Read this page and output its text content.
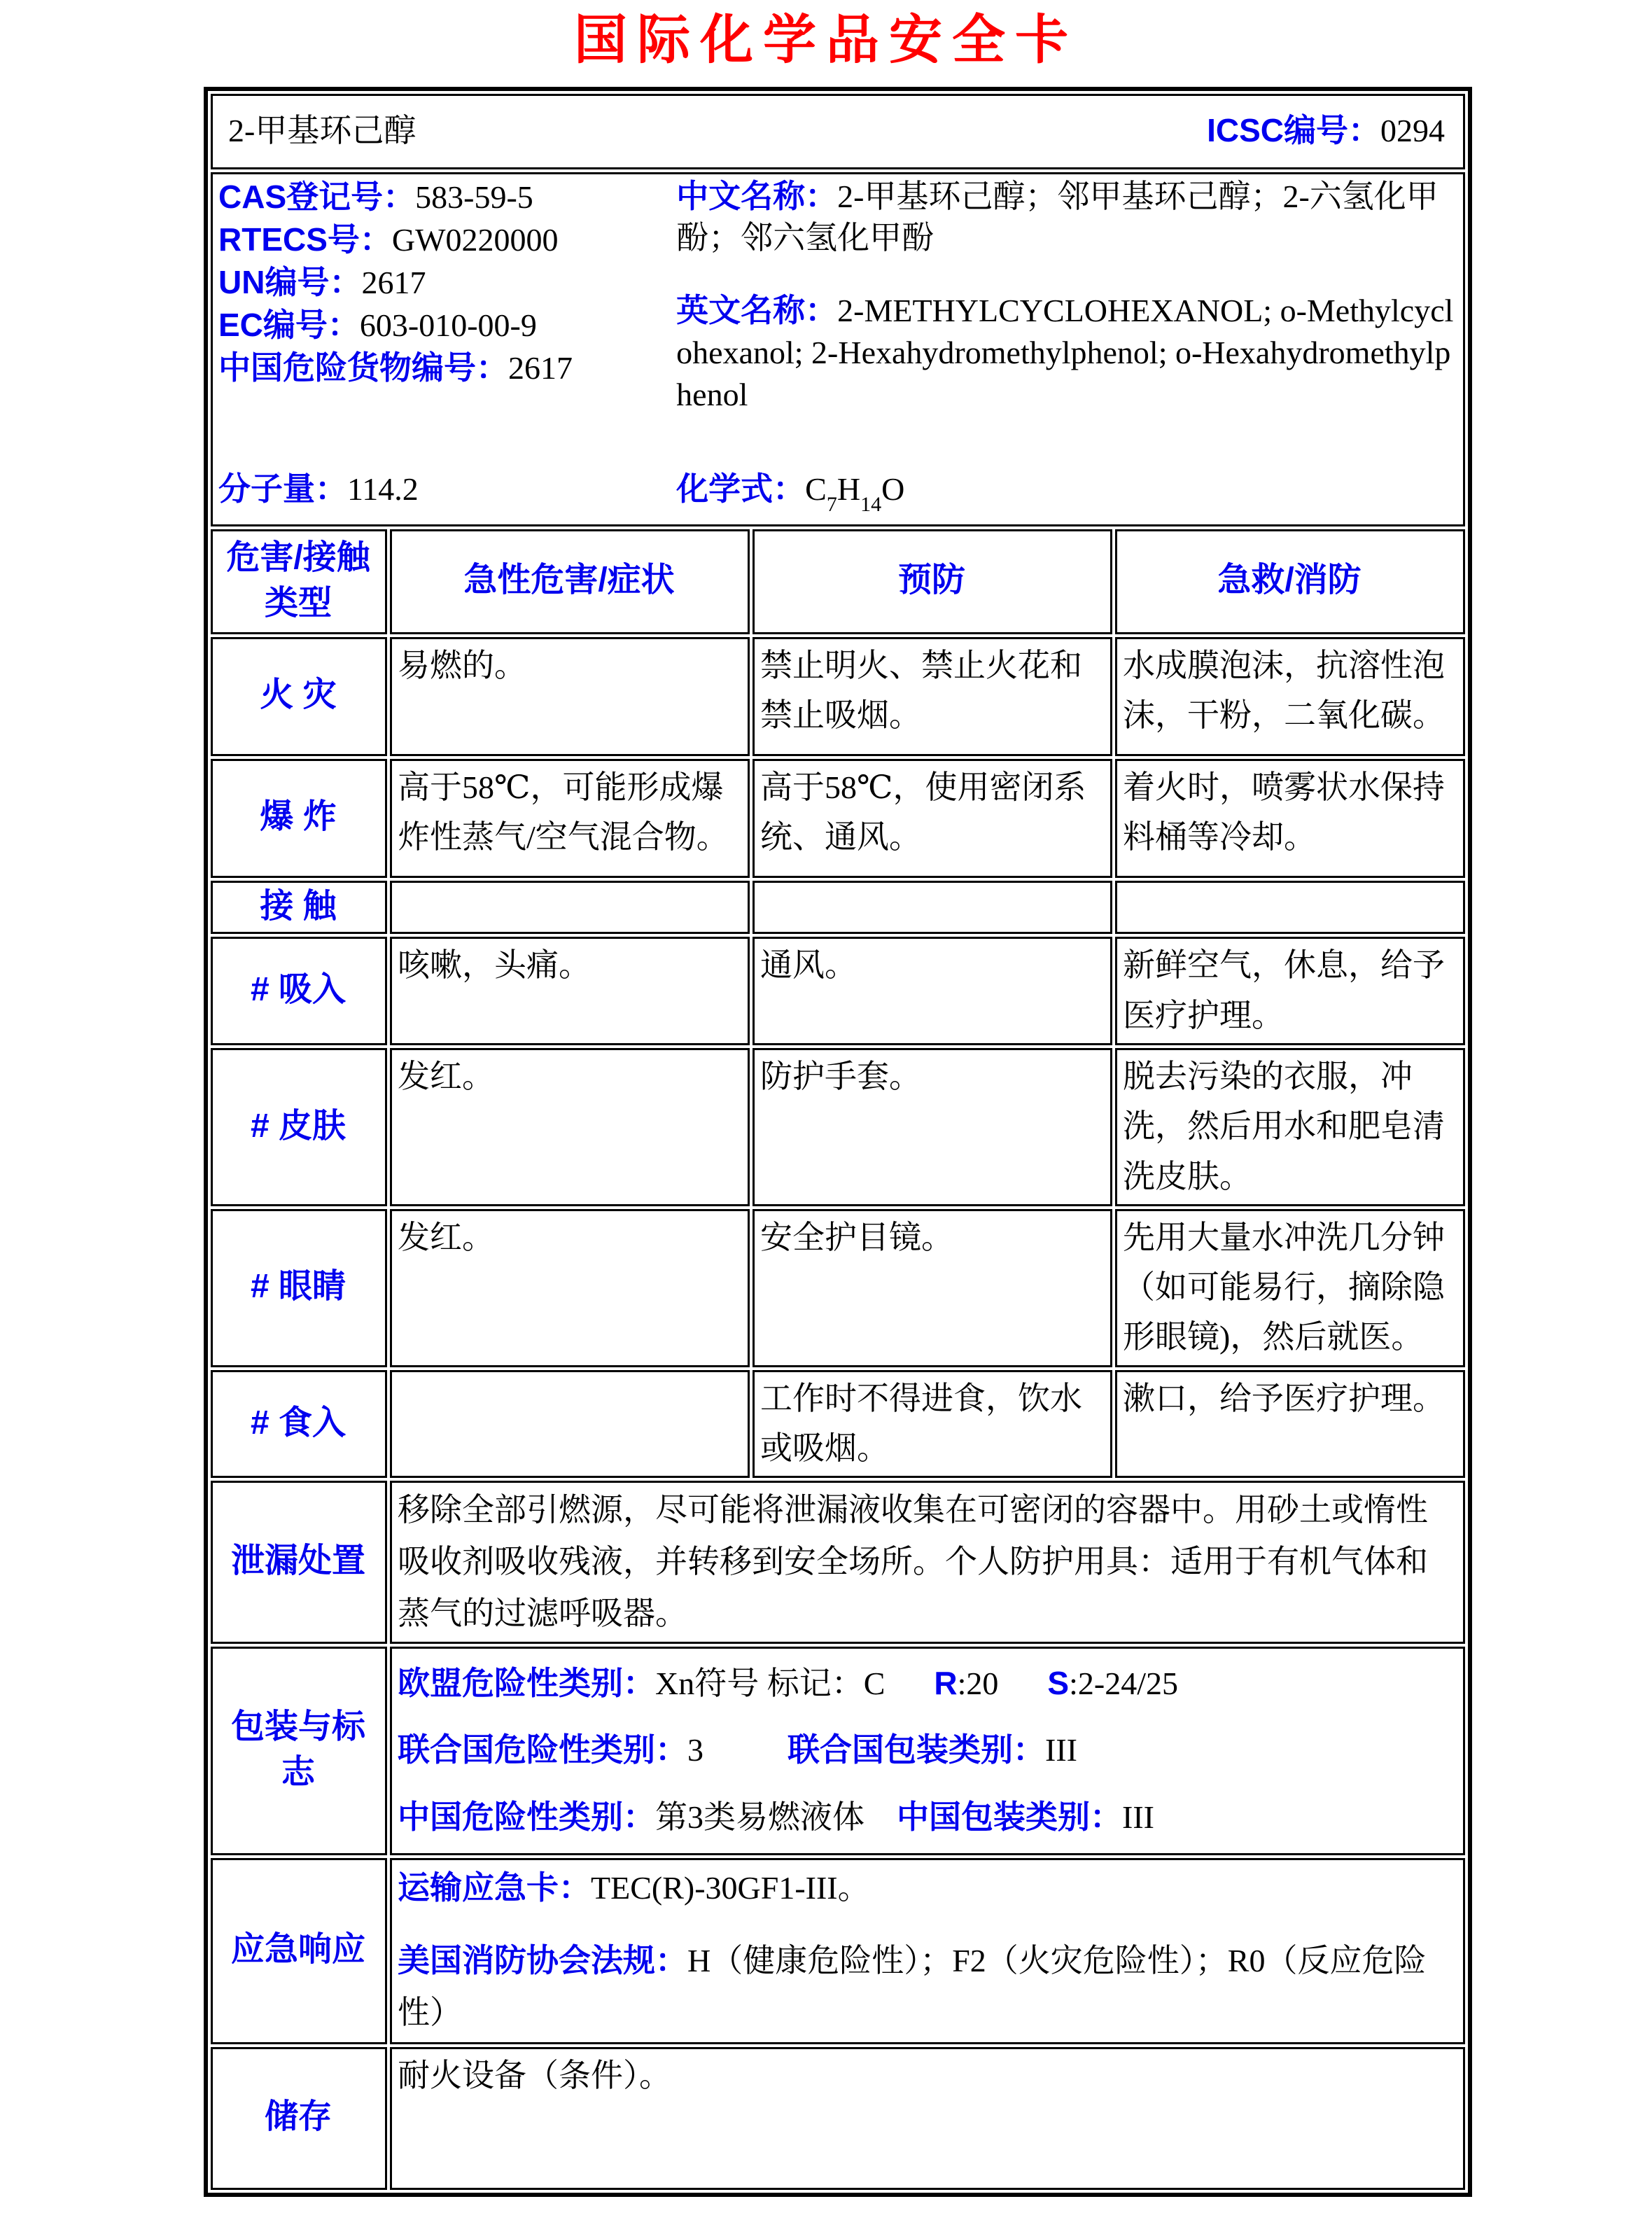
国际化学品安全卡
2-甲基环己醇 ICSC编号：0294			

CAS登记号：583-59-5
RTECS号：GW0220000
UN编号：2617
EC编号：603-010-00-9
中国危险货物编号：2617

中文名称：2-甲基环己醇；邻甲基环己醇；2-六氢化甲酚；邻六氢化甲酚

英文名称：2-METHYLCYCLOHEXANOL; o-Methylcyclohexanol; 2-Hexahydromethylphenol; o-Hexahydromethylphenol

分子量：114.2	化学式：$C_7H_{14}O$

危害/接触类型	急性危害/症状	预防	急救/消防
火 灾	易燃的。	禁止明火、禁止火花和禁止吸烟。	水成膜泡沫，抗溶性泡沫，干粉，二氧化碳。
爆 炸	高于58℃，可能形成爆炸性蒸气/空气混合物。	高于58℃，使用密闭系统、通风。	着火时，喷雾状水保持料桶等冷却。
接 触			
# 吸入	咳嗽，头痛。	通风。	新鲜空气，休息，给予医疗护理。
# 皮肤	发红。	防护手套。	脱去污染的衣服，冲洗，然后用水和肥皂清洗皮肤。
# 眼睛	发红。	安全护目镜。	先用大量水冲洗几分钟（如可能易行，摘除隐形眼镜)，然后就医。
# 食入		工作时不得进食，饮水或吸烟。	漱口，给予医疗护理。
泄漏处置	移除全部引燃源，尽可能将泄漏液收集在可密闭的容器中。用砂土或惰性吸收剂吸收残液，并转移到安全场所。个人防护用具：适用于有机气体和蒸气的过滤呼吸器。		

包装与标志	欧盟危险性类别：Xn符号 标记：C R:20 S:2-24/25
联合国危险性类别：3 联合国包装类别：III
中国危险性类别：第3类易燃液体 中国包装类别：III		

应急响应	运输应急卡：TEC(R)-30GF1-III。

美国消防协会法规：H（健康危险性）；F2（火灾危险性）；R0（反应危险性）		

储存	耐火设备（条件）。		
